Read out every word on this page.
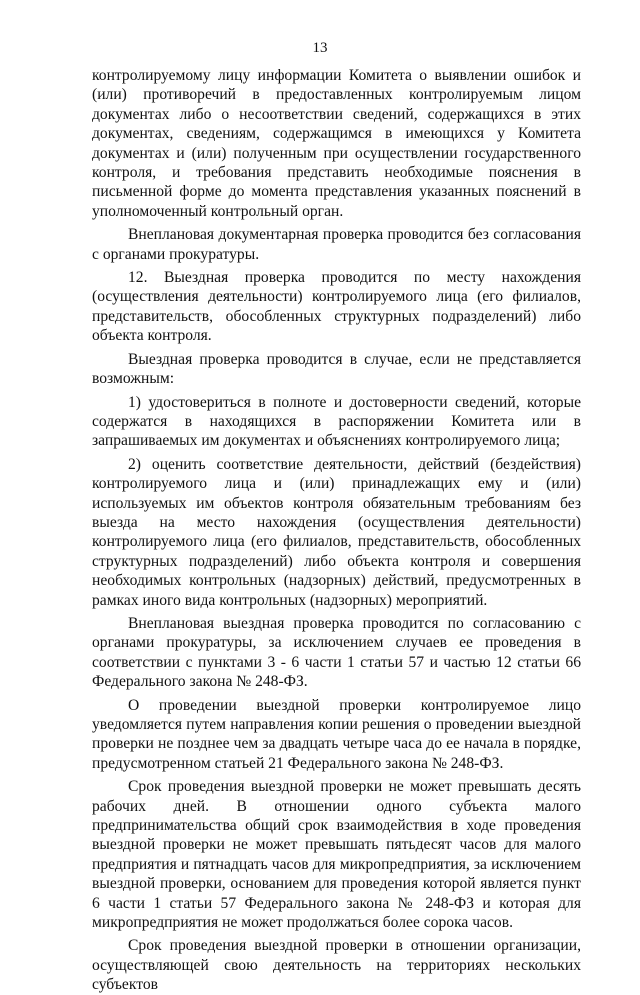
13

контролируемому лицу информации Комитета о выявлении ошибок и (или) противоречий в предоставленных контролируемым лицом документах либо о несоответствии сведений, содержащихся в этих документах, сведениям, содержащимся в имеющихся у Комитета документах и (или) полученным при осуществлении государственного контроля, и требования представить необходимые пояснения в письменной форме до момента представления указанных пояснений в уполномоченный контрольный орган.

Внеплановая документарная проверка проводится без согласования с органами прокуратуры.

12. Выездная проверка проводится по месту нахождения (осуществления деятельности) контролируемого лица (его филиалов, представительств, обособленных структурных подразделений) либо объекта контроля.

Выездная проверка проводится в случае, если не представляется возможным:

1) удостовериться в полноте и достоверности сведений, которые содержатся в находящихся в распоряжении Комитета или в запрашиваемых им документах и объяснениях контролируемого лица;

2) оценить соответствие деятельности, действий (бездействия) контролируемого лица и (или) принадлежащих ему и (или) используемых им объектов контроля обязательным требованиям без выезда на место нахождения (осуществления деятельности) контролируемого лица (его филиалов, представительств, обособленных структурных подразделений) либо объекта контроля и совершения необходимых контрольных (надзорных) действий, предусмотренных в рамках иного вида контрольных (надзорных) мероприятий.

Внеплановая выездная проверка проводится по согласованию с органами прокуратуры, за исключением случаев ее проведения в соответствии с пунктами 3 - 6 части 1 статьи 57 и частью 12 статьи 66 Федерального закона № 248-ФЗ.

О проведении выездной проверки контролируемое лицо уведомляется путем направления копии решения о проведении выездной проверки не позднее чем за двадцать четыре часа до ее начала в порядке, предусмотренном статьей 21 Федерального закона № 248-ФЗ.

Срок проведения выездной проверки не может превышать десять рабочих дней. В отношении одного субъекта малого предпринимательства общий срок взаимодействия в ходе проведения выездной проверки не может превышать пятьдесят часов для малого предприятия и пятнадцать часов для микропредприятия, за исключением выездной проверки, основанием для проведения которой является пункт 6 части 1 статьи 57 Федерального закона № 248-ФЗ и которая для микропредприятия не может продолжаться более сорока часов.

Срок проведения выездной проверки в отношении организации, осуществляющей свою деятельность на территориях нескольких субъектов
